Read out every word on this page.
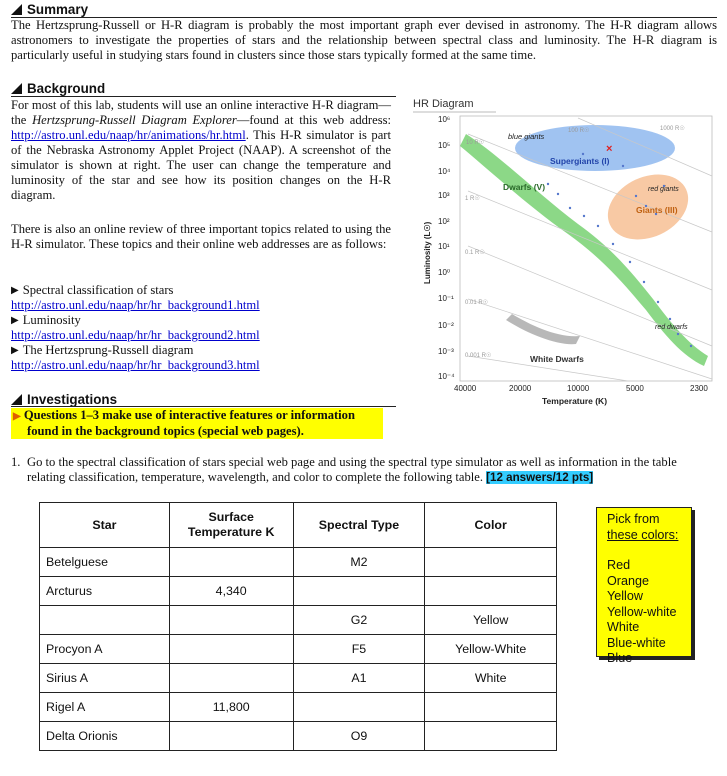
Summary
The Hertzsprung-Russell or H-R diagram is probably the most important graph ever devised in astronomy. The H-R diagram allows astronomers to investigate the properties of stars and the relationship between spectral class and luminosity. The H-R diagram is particularly useful in studying stars found in clusters since those stars typically formed at the same time.
Background
For most of this lab, students will use an online interactive H-R diagram—the Hertzsprung-Russell Diagram Explorer—found at this web address: http://astro.unl.edu/naap/hr/animations/hr.html. This H-R simulator is part of the Nebraska Astronomy Applet Project (NAAP). A screenshot of the simulator is shown at right. The user can change the temperature and luminosity of the star and see how its position changes on the H-R diagram.
There is also an online review of three important topics related to using the H-R simulator. These topics and their online web addresses are as follows:
▶ Spectral classification of stars
http://astro.unl.edu/naap/hr/hr_background1.html
▶ Luminosity
http://astro.unl.edu/naap/hr/hr_background2.html
▶ The Hertzsprung-Russell diagram
http://astro.unl.edu/naap/hr/hr_background3.html
HR Diagram
×
blue giants
Supergiants (I)
Dwarfs (V)	red giants
Giants (III)
red dwarfs
White Dwarfs
1000 R☉
100 R☉
10 R☉
1 R☉
0.1 R☉
0.01 R☉
0.001 R☉
10⁶
10⁵
10⁴
10³
10²
10¹
10⁰
10⁻¹
10⁻²
10⁻³
10⁻⁴
Luminosity (L☉)
40000	20000	10000	5000	2300
Temperature (K)
Investigations
▶ Questions 1–3 make use of interactive features or information
found in the background topics (special web pages).
1. Go to the spectral classification of stars special web page and using the spectral type simulator as well as information in the table
relating classification, temperature, wavelength, and color to complete the following table. [12 answers/12 pts]
Star	Surface
Temperature K	Spectral Type	Color
Betelguese		M2	
Arcturus	4,340		
		G2	Yellow
Procyon A		F5	Yellow-White
Sirius A		A1	White
Rigel A	11,800		
Delta Orionis		O9	
Pick from
these colors:
Red
Orange
Yellow
Yellow-white
White
Blue-white
Blue
